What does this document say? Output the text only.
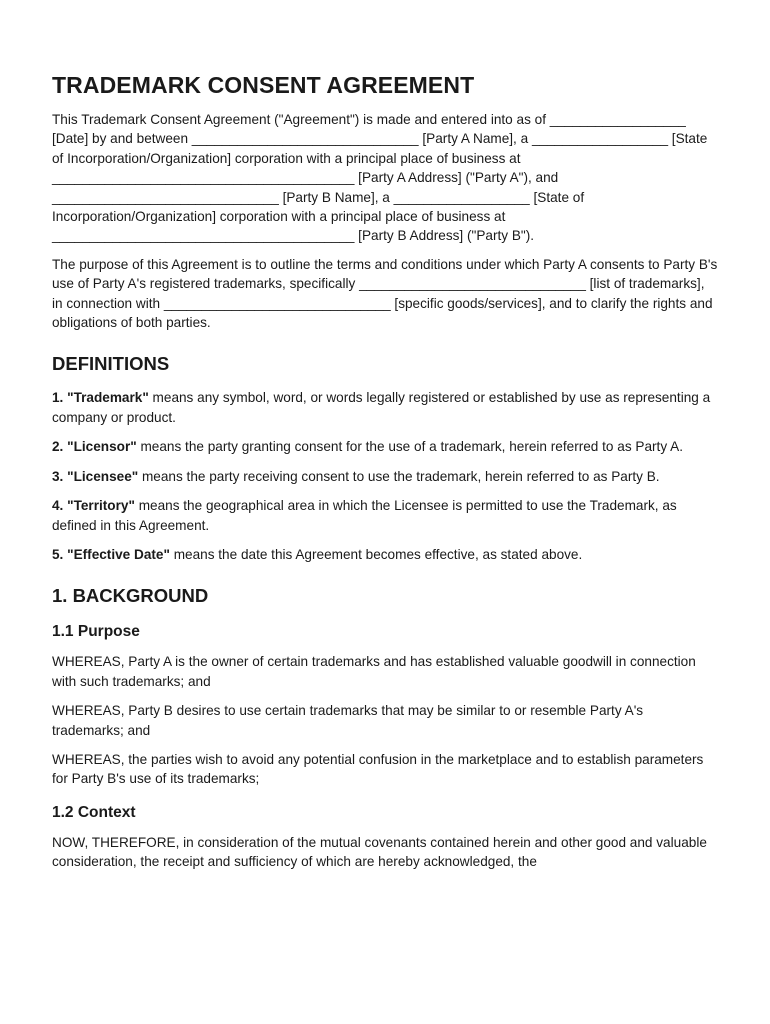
TRADEMARK CONSENT AGREEMENT

This Trademark Consent Agreement ("Agreement") is made and entered into as of __________________ [Date] by and between ______________________________ [Party A Name], a __________________ [State of Incorporation/Organization] corporation with a principal place of business at ________________________________________ [Party A Address] ("Party A"), and ______________________________ [Party B Name], a __________________ [State of Incorporation/Organization] corporation with a principal place of business at ________________________________________ [Party B Address] ("Party B").

The purpose of this Agreement is to outline the terms and conditions under which Party A consents to Party B's use of Party A's registered trademarks, specifically ______________________________ [list of trademarks], in connection with ______________________________ [specific goods/services], and to clarify the rights and obligations of both parties.

DEFINITIONS

1. "Trademark" means any symbol, word, or words legally registered or established by use as representing a company or product.

2. "Licensor" means the party granting consent for the use of a trademark, herein referred to as Party A.

3. "Licensee" means the party receiving consent to use the trademark, herein referred to as Party B.

4. "Territory" means the geographical area in which the Licensee is permitted to use the Trademark, as defined in this Agreement.

5. "Effective Date" means the date this Agreement becomes effective, as stated above.

1. BACKGROUND
1.1 Purpose

WHEREAS, Party A is the owner of certain trademarks and has established valuable goodwill in connection with such trademarks; and

WHEREAS, Party B desires to use certain trademarks that may be similar to or resemble Party A's trademarks; and

WHEREAS, the parties wish to avoid any potential confusion in the marketplace and to establish parameters for Party B's use of its trademarks;

1.2 Context

NOW, THEREFORE, in consideration of the mutual covenants contained herein and other good and valuable consideration, the receipt and sufficiency of which are hereby acknowledged, the
